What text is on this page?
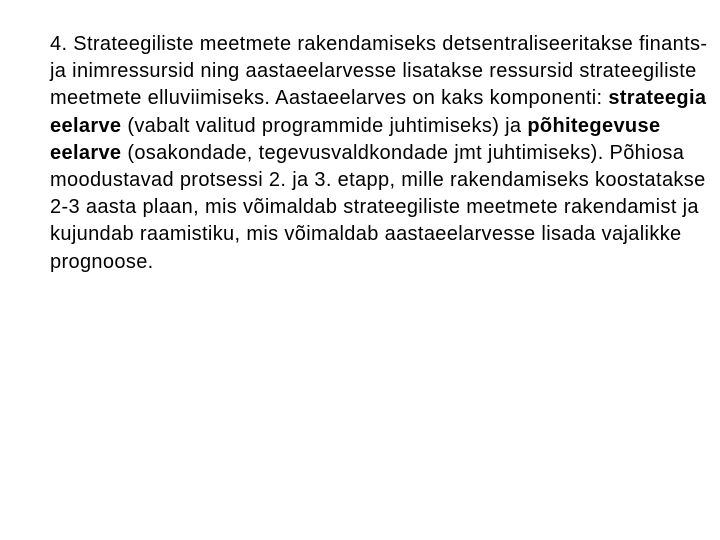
4. Strateegiliste meetmete rakendamiseks detsentraliseeritakse finants- ja inimressursid ning aastaeelarvesse lisatakse ressursid strateegiliste meetmete elluviimiseks. Aastaeelarves on kaks komponenti: strateegia eelarve (vabalt valitud programmide juhtimiseks) ja põhitegevuse eelarve (osakondade, tegevusvaldkondade jmt juhtimiseks). Põhiosa moodustavad protsessi 2. ja 3. etapp, mille rakendamiseks koostatakse 2-3 aasta plaan, mis võimaldab strateegiliste meetmete rakendamist ja kujundab raamistiku, mis võimaldab aastaeelarvesse lisada vajalikke prognoose.
